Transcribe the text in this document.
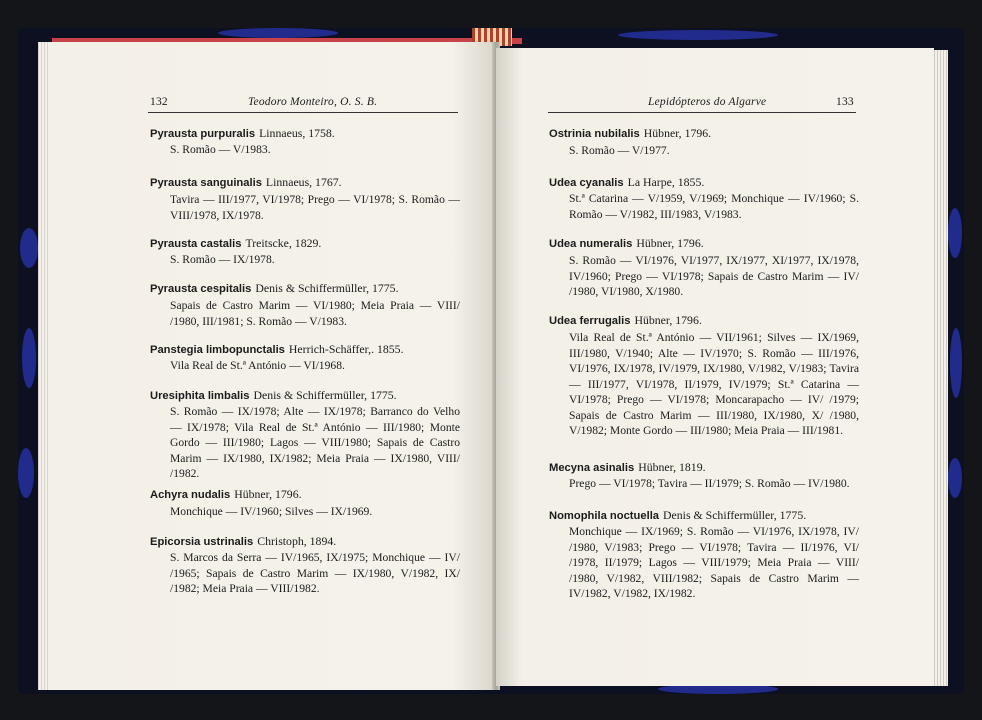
132	Teodoro Monteiro, O. S. B.
Pyrausta purpuralis Linnaeus, 1758.
S. Romão — V/1983.
Pyrausta sanguinalis Linnaeus, 1767.
Tavira — III/1977, VI/1978; Prego — VI/1978; S. Romão — VIII/1978, IX/1978.
Pyrausta castalis Treitscke, 1829.
S. Romão — IX/1978.
Pyrausta cespitalis Denis & Schiffermüller, 1775.
Sapais de Castro Marim — VI/1980; Meia Praia — VIII/ /1980, III/1981; S. Romão — V/1983.
Panstegia limbopunctalis Herrich-Schäffer,. 1855.
Vila Real de St.ª António — VI/1968.
Uresiphita limbalis Denis & Schiffermüller, 1775.
S. Romão — IX/1978; Alte — IX/1978; Barranco do Velho — IX/1978; Vila Real de St.ª António — III/1980; Monte Gordo — III/1980; Lagos — VIII/1980; Sapais de Castro Marim — IX/1980, IX/1982; Meia Praia — IX/1980, VIII/ /1982.
Achyra nudalis Hübner, 1796.
Monchique — IV/1960; Silves — IX/1969.
Epicorsia ustrinalis Christoph, 1894.
S. Marcos da Serra — IV/1965, IX/1975; Monchique — IV/ /1965; Sapais de Castro Marim — IX/1980, V/1982, IX/ /1982; Meia Praia — VIII/1982.
Lepidópteros do Algarve	133
Ostrinia nubilalis Hübner, 1796.
S. Romão — V/1977.
Udea cyanalis La Harpe, 1855.
St.ª Catarina — V/1959, V/1969; Monchique — IV/1960; S. Romão — V/1982, III/1983, V/1983.
Udea numeralis Hübner, 1796.
S. Romão — VI/1976, VI/1977, IX/1977, XI/1977, IX/1978, IV/1960; Prego — VI/1978; Sapais de Castro Marim — IV/ /1980, VI/1980, X/1980.
Udea ferrugalis Hübner, 1796.
Vila Real de St.ª António — VII/1961; Silves — IX/1969, III/1980, V/1940; Alte — IV/1970; S. Romão — III/1976, VI/1976, IX/1978, IV/1979, IX/1980, V/1982, V/1983; Tavira — III/1977, VI/1978, II/1979, IV/1979; St.ª Catarina — VI/1978; Prego — VI/1978; Moncarapacho — IV/ /1979; Sapais de Castro Marim — III/1980, IX/1980, X/ /1980, V/1982; Monte Gordo — III/1980; Meia Praia — III/1981.
Mecyna asinalis Hübner, 1819.
Prego — VI/1978; Tavira — II/1979; S. Romão — IV/1980.
Nomophila noctuella Denis & Schiffermüller, 1775.
Monchique — IX/1969; S. Romão — VI/1976, IX/1978, IV/ /1980, V/1983; Prego — VI/1978; Tavira — II/1976, VI/ /1978, II/1979; Lagos — VIII/1979; Meia Praia — VIII/ /1980, V/1982, VIII/1982; Sapais de Castro Marim — IV/1982, V/1982, IX/1982.
